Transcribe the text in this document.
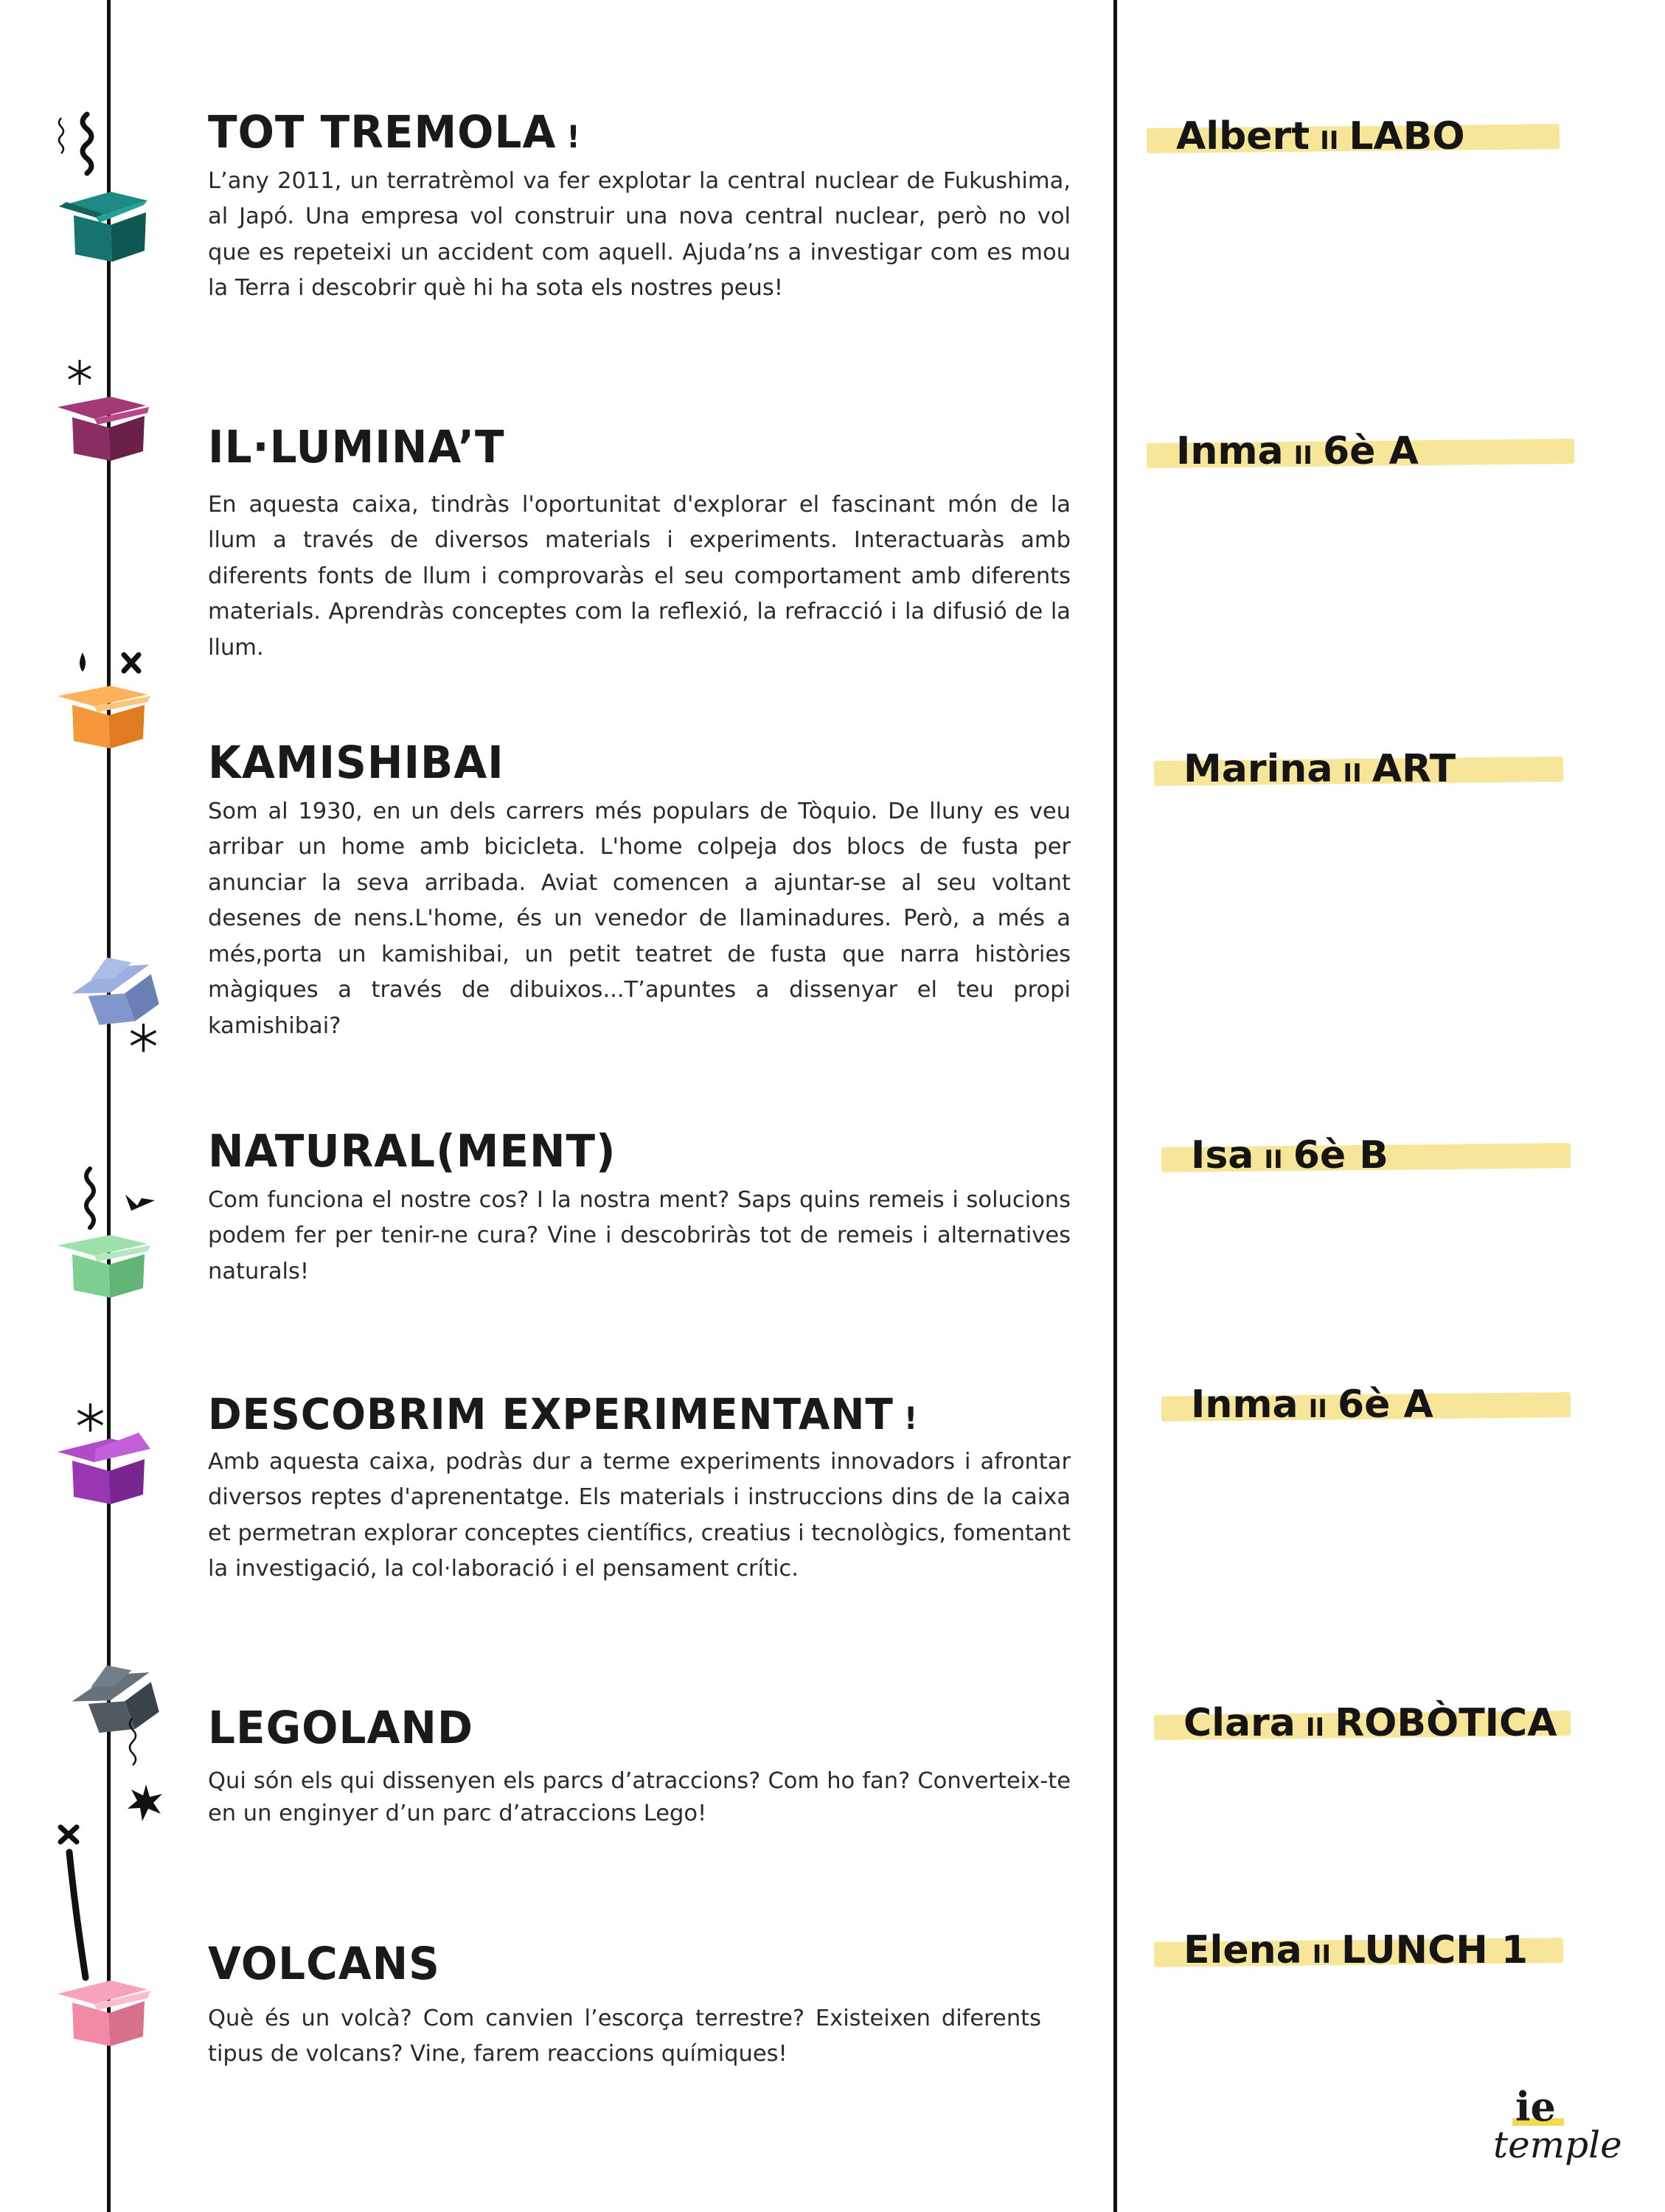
TOT TREMOLA !

L’any 2011, un terratrèmol va fer explotar la central nuclear de Fukushima, al Japó. Una empresa vol construir una nova central nuclear, però no vol que es repeteixi un accident com aquell. Ajuda’ns a investigar com es mou la Terra i descobrir què hi ha sota els nostres peus!

Albert II LABO
IL·LUMINA’T

En aquesta caixa, tindràs l'oportunitat d'explorar el fascinant món de la llum a través de diversos materials i experiments. Interactuaràs amb diferents fonts de llum i comprovaràs el seu comportament amb diferents materials. Aprendràs conceptes com la reflexió, la refracció i la difusió de la llum.

Inma II 6è A
KAMISHIBAI

Som al 1930, en un dels carrers més populars de Tòquio. De lluny es veu arribar un home amb bicicleta. L'home colpeja dos blocs de fusta per anunciar la seva arribada. Aviat comencen a ajuntar-se al seu voltant desenes de nens.L'home, és un venedor de llaminadures. Però, a més a més,porta un kamishibai, un petit teatret de fusta que narra històries màgiques a través de dibuixos...T’apuntes a dissenyar el teu propi kamishibai?

Marina II ART
NATURAL(MENT)

Com funciona el nostre cos? I la nostra ment? Saps quins remeis i solucions podem fer per tenir-ne cura? Vine i descobriràs tot de remeis i alternatives naturals!

Isa II 6è B
DESCOBRIM EXPERIMENTANT !

Amb aquesta caixa, podràs dur a terme experiments innovadors i afrontar diversos reptes d'aprenentatge. Els materials i instruccions dins de la caixa et permetran explorar conceptes científics, creatius i tecnològics, fomentant la investigació, la col·laboració i el pensament crític.

Inma II 6è A
LEGOLAND

Qui són els qui dissenyen els parcs d’atraccions? Com ho fan? Converteix-te en un enginyer d’un parc d’atraccions Lego!

Clara II ROBÒTICA
VOLCANS

Què és un volcà? Com canvien l’escorça terrestre? Existeixen diferents tipus de volcans? Vine, farem reaccions químiques!

Elena II LUNCH 1
ie
temple
